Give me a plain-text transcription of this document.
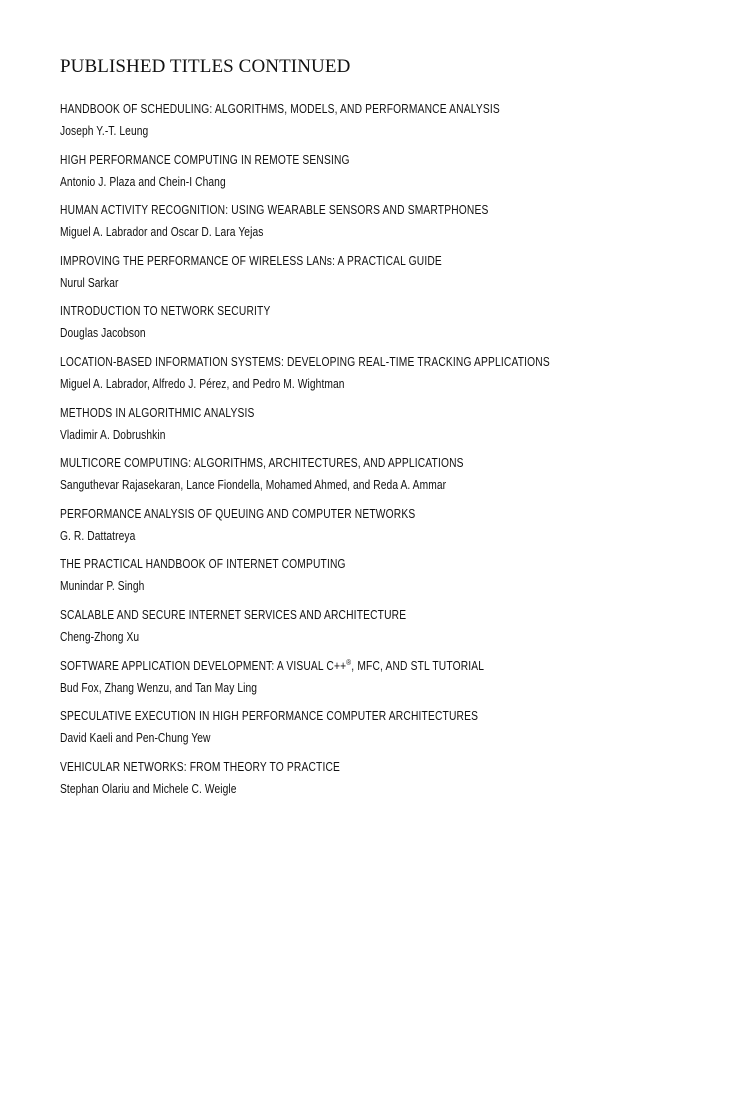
PUBLISHED TITLES CONTINUED
HANDBOOK OF SCHEDULING: ALGORITHMS, MODELS, AND PERFORMANCE ANALYSIS
Joseph Y.-T. Leung
HIGH PERFORMANCE COMPUTING IN REMOTE SENSING
Antonio J. Plaza and Chein-I Chang
HUMAN ACTIVITY RECOGNITION: USING WEARABLE SENSORS AND SMARTPHONES
Miguel A. Labrador and Oscar D. Lara Yejas
IMPROVING THE PERFORMANCE OF WIRELESS LANs: A PRACTICAL GUIDE
Nurul Sarkar
INTRODUCTION TO NETWORK SECURITY
Douglas Jacobson
LOCATION-BASED INFORMATION SYSTEMS: DEVELOPING REAL-TIME TRACKING APPLICATIONS
Miguel A. Labrador, Alfredo J. Pérez, and Pedro M. Wightman
METHODS IN ALGORITHMIC ANALYSIS
Vladimir A. Dobrushkin
MULTICORE COMPUTING: ALGORITHMS, ARCHITECTURES, AND APPLICATIONS
Sanguthevar Rajasekaran, Lance Fiondella, Mohamed Ahmed, and Reda A. Ammar
PERFORMANCE ANALYSIS OF QUEUING AND COMPUTER NETWORKS
G. R. Dattatreya
THE PRACTICAL HANDBOOK OF INTERNET COMPUTING
Munindar P. Singh
SCALABLE AND SECURE INTERNET SERVICES AND ARCHITECTURE
Cheng-Zhong Xu
SOFTWARE APPLICATION DEVELOPMENT: A VISUAL C++®, MFC, AND STL TUTORIAL
Bud Fox, Zhang Wenzu, and Tan May Ling
SPECULATIVE EXECUTION IN HIGH PERFORMANCE COMPUTER ARCHITECTURES
David Kaeli and Pen-Chung Yew
VEHICULAR NETWORKS: FROM THEORY TO PRACTICE
Stephan Olariu and Michele C. Weigle
